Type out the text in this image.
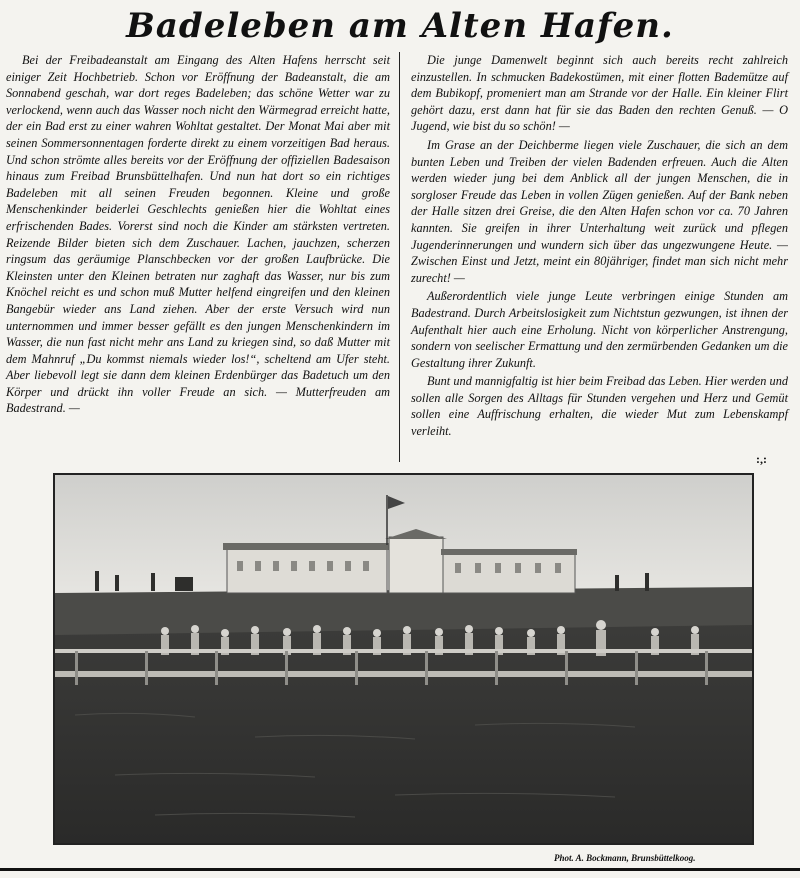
Badeleben am Alten Hafen.

Bei der Freibadeanstalt am Eingang des Alten Hafens herrscht seit einiger Zeit Hochbetrieb. Schon vor Eröffnung der Badeanstalt, die am Sonnabend geschah, war dort reges Badeleben; das schöne Wetter war zu verlockend, wenn auch das Wasser noch nicht den Wärmegrad erreicht hatte, der ein Bad erst zu einer wahren Wohltat gestaltet. Der Monat Mai aber mit seinen Sommersonnentagen forderte direkt zu einem vorzeitigen Bad heraus. Und schon strömte alles bereits vor der Eröffnung der offiziellen Badesaison hinaus zum Freibad Brunsbüttelhafen. Und nun hat dort so ein richtiges Badeleben mit all seinen Freuden begonnen. Kleine und große Menschenkinder beiderlei Geschlechts genießen hier die Wohltat eines erfrischenden Bades. Vorerst sind noch die Kinder am stärksten vertreten. Reizende Bilder bieten sich dem Zuschauer. Lachen, jauchzen, scherzen ringsum das geräumige Planschbecken vor der großen Laufbrücke. Die Kleinsten unter den Kleinen betraten nur zaghaft das Wasser, nur bis zum Knöchel reicht es und schon muß Mutter helfend eingreifen und den kleinen Bangebür wieder ans Land ziehen. Aber der erste Versuch wird nun unternommen und immer besser gefällt es den jungen Menschenkindern im Wasser, die nun fast nicht mehr ans Land zu kriegen sind, so daß Mutter mit dem Mahnruf „Du kommst niemals wieder los!“, scheltend am Ufer steht. Aber liebevoll legt sie dann dem kleinen Erdenbürger das Badetuch um den Körper und drückt ihn voller Freude an sich. — Mutterfreuden am Badestrand. —

Die junge Damenwelt beginnt sich auch bereits recht zahlreich einzustellen. In schmucken Badekostümen, mit einer flotten Bademütze auf dem Bubikopf, promeniert man am Strande vor der Halle. Ein kleiner Flirt gehört dazu, erst dann hat für sie das Baden den rechten Genuß. — O Jugend, wie bist du so schön! —

Im Grase an der Deichberme liegen viele Zuschauer, die sich an dem bunten Leben und Treiben der vielen Badenden erfreuen. Auch die Alten werden wieder jung bei dem Anblick all der jungen Menschen, die in sorgloser Freude das Leben in vollen Zügen genießen. Auf der Bank neben der Halle sitzen drei Greise, die den Alten Hafen schon vor ca. 70 Jahren kannten. Sie greifen in ihrer Unterhaltung weit zurück und pflegen Jugenderinnerungen und wundern sich über das ungezwungene Heute. — Zwischen Einst und Jetzt, meint ein 80jähriger, findet man sich nicht mehr zurecht! —

Außerordentlich viele junge Leute verbringen einige Stunden am Badestrand. Durch Arbeitslosigkeit zum Nichtstun gezwungen, ist ihnen der Aufenthalt hier auch eine Erholung. Nicht von körperlicher Anstrengung, sondern von seelischer Ermattung und den zermürbenden Gedanken um die Gestaltung ihrer Zukunft.

Bunt und mannigfaltig ist hier beim Freibad das Leben. Hier werden und sollen alle Sorgen des Alltags für Stunden vergehen und Herz und Gemüt sollen eine Auffrischung erhalten, die wieder Mut zum Lebenskampf verleiht.

:,:
Phot. A. Bockmann, Brunsbüttelkoog.
